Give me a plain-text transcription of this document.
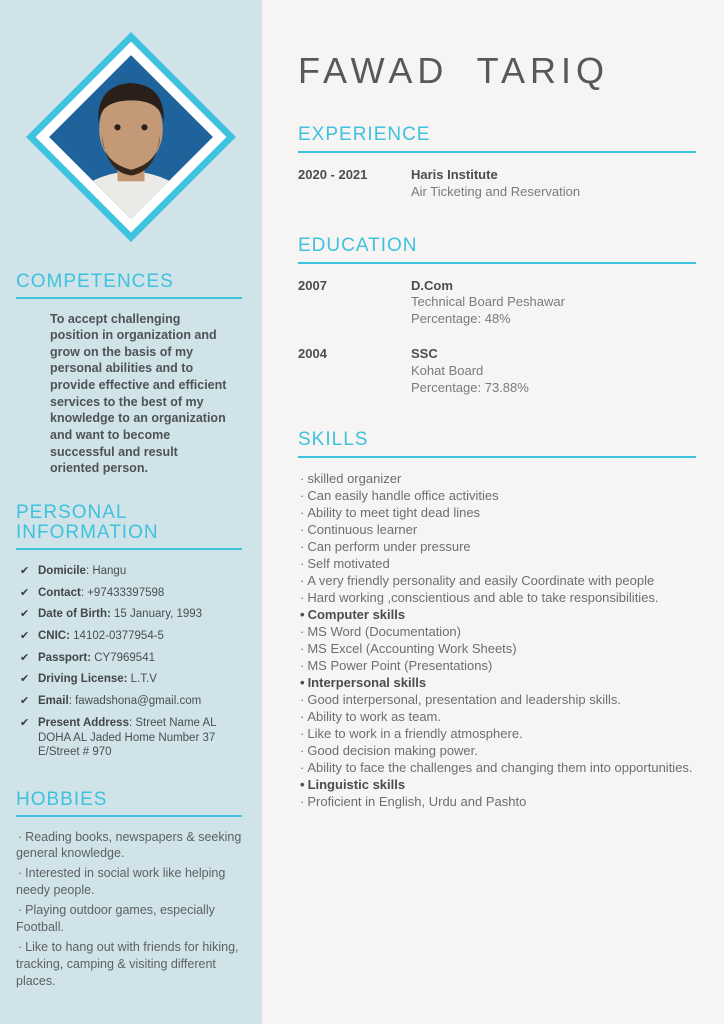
COMPETENCES

To accept challenging position in organization and grow on the basis of my personal abilities and to provide effective and efficient services to the best of my knowledge to an organization and want to become successful and result oriented person.

PERSONAL
INFORMATION
✔ Domicile: Hangu
✔ Contact: +97433397598
✔ Date of Birth: 15 January, 1993
✔ CNIC: 14102-0377954-5
✔ Passport: CY7969541
✔ Driving License: L.T.V
✔ Email: fawadshona@gmail.com
✔ Present Address: Street Name AL DOHA AL Jaded Home Number 37 E/Street # 970
HOBBIES
· Reading books, newspapers & seeking general knowledge.
· Interested in social work like helping needy people.
· Playing outdoor games, especially Football.
· Like to hang out with friends for hiking, tracking, camping & visiting different places.
FAWAD TARIQ
EXPERIENCE
2020 - 2021	Haris Institute
Air Ticketing and Reservation
EDUCATION
2007	D.Com
Technical Board Peshawar
Percentage: 48%
2004	SSC
Kohat Board
Percentage: 73.88%
SKILLS
· skilled organizer
· Can easily handle office activities
· Ability to meet tight dead lines
· Continuous learner
· Can perform under pressure
· Self motivated
· A very friendly personality and easily Coordinate with people
· Hard working ,conscientious and able to take responsibilities.
• Computer skills
· MS Word (Documentation)
· MS Excel (Accounting Work Sheets)
· MS Power Point (Presentations)
• Interpersonal skills
· Good interpersonal, presentation and leadership skills.
· Ability to work as team.
· Like to work in a friendly atmosphere.
· Good decision making power.
· Ability to face the challenges and changing them into opportunities.
• Linguistic skills
· Proficient in English, Urdu and Pashto
